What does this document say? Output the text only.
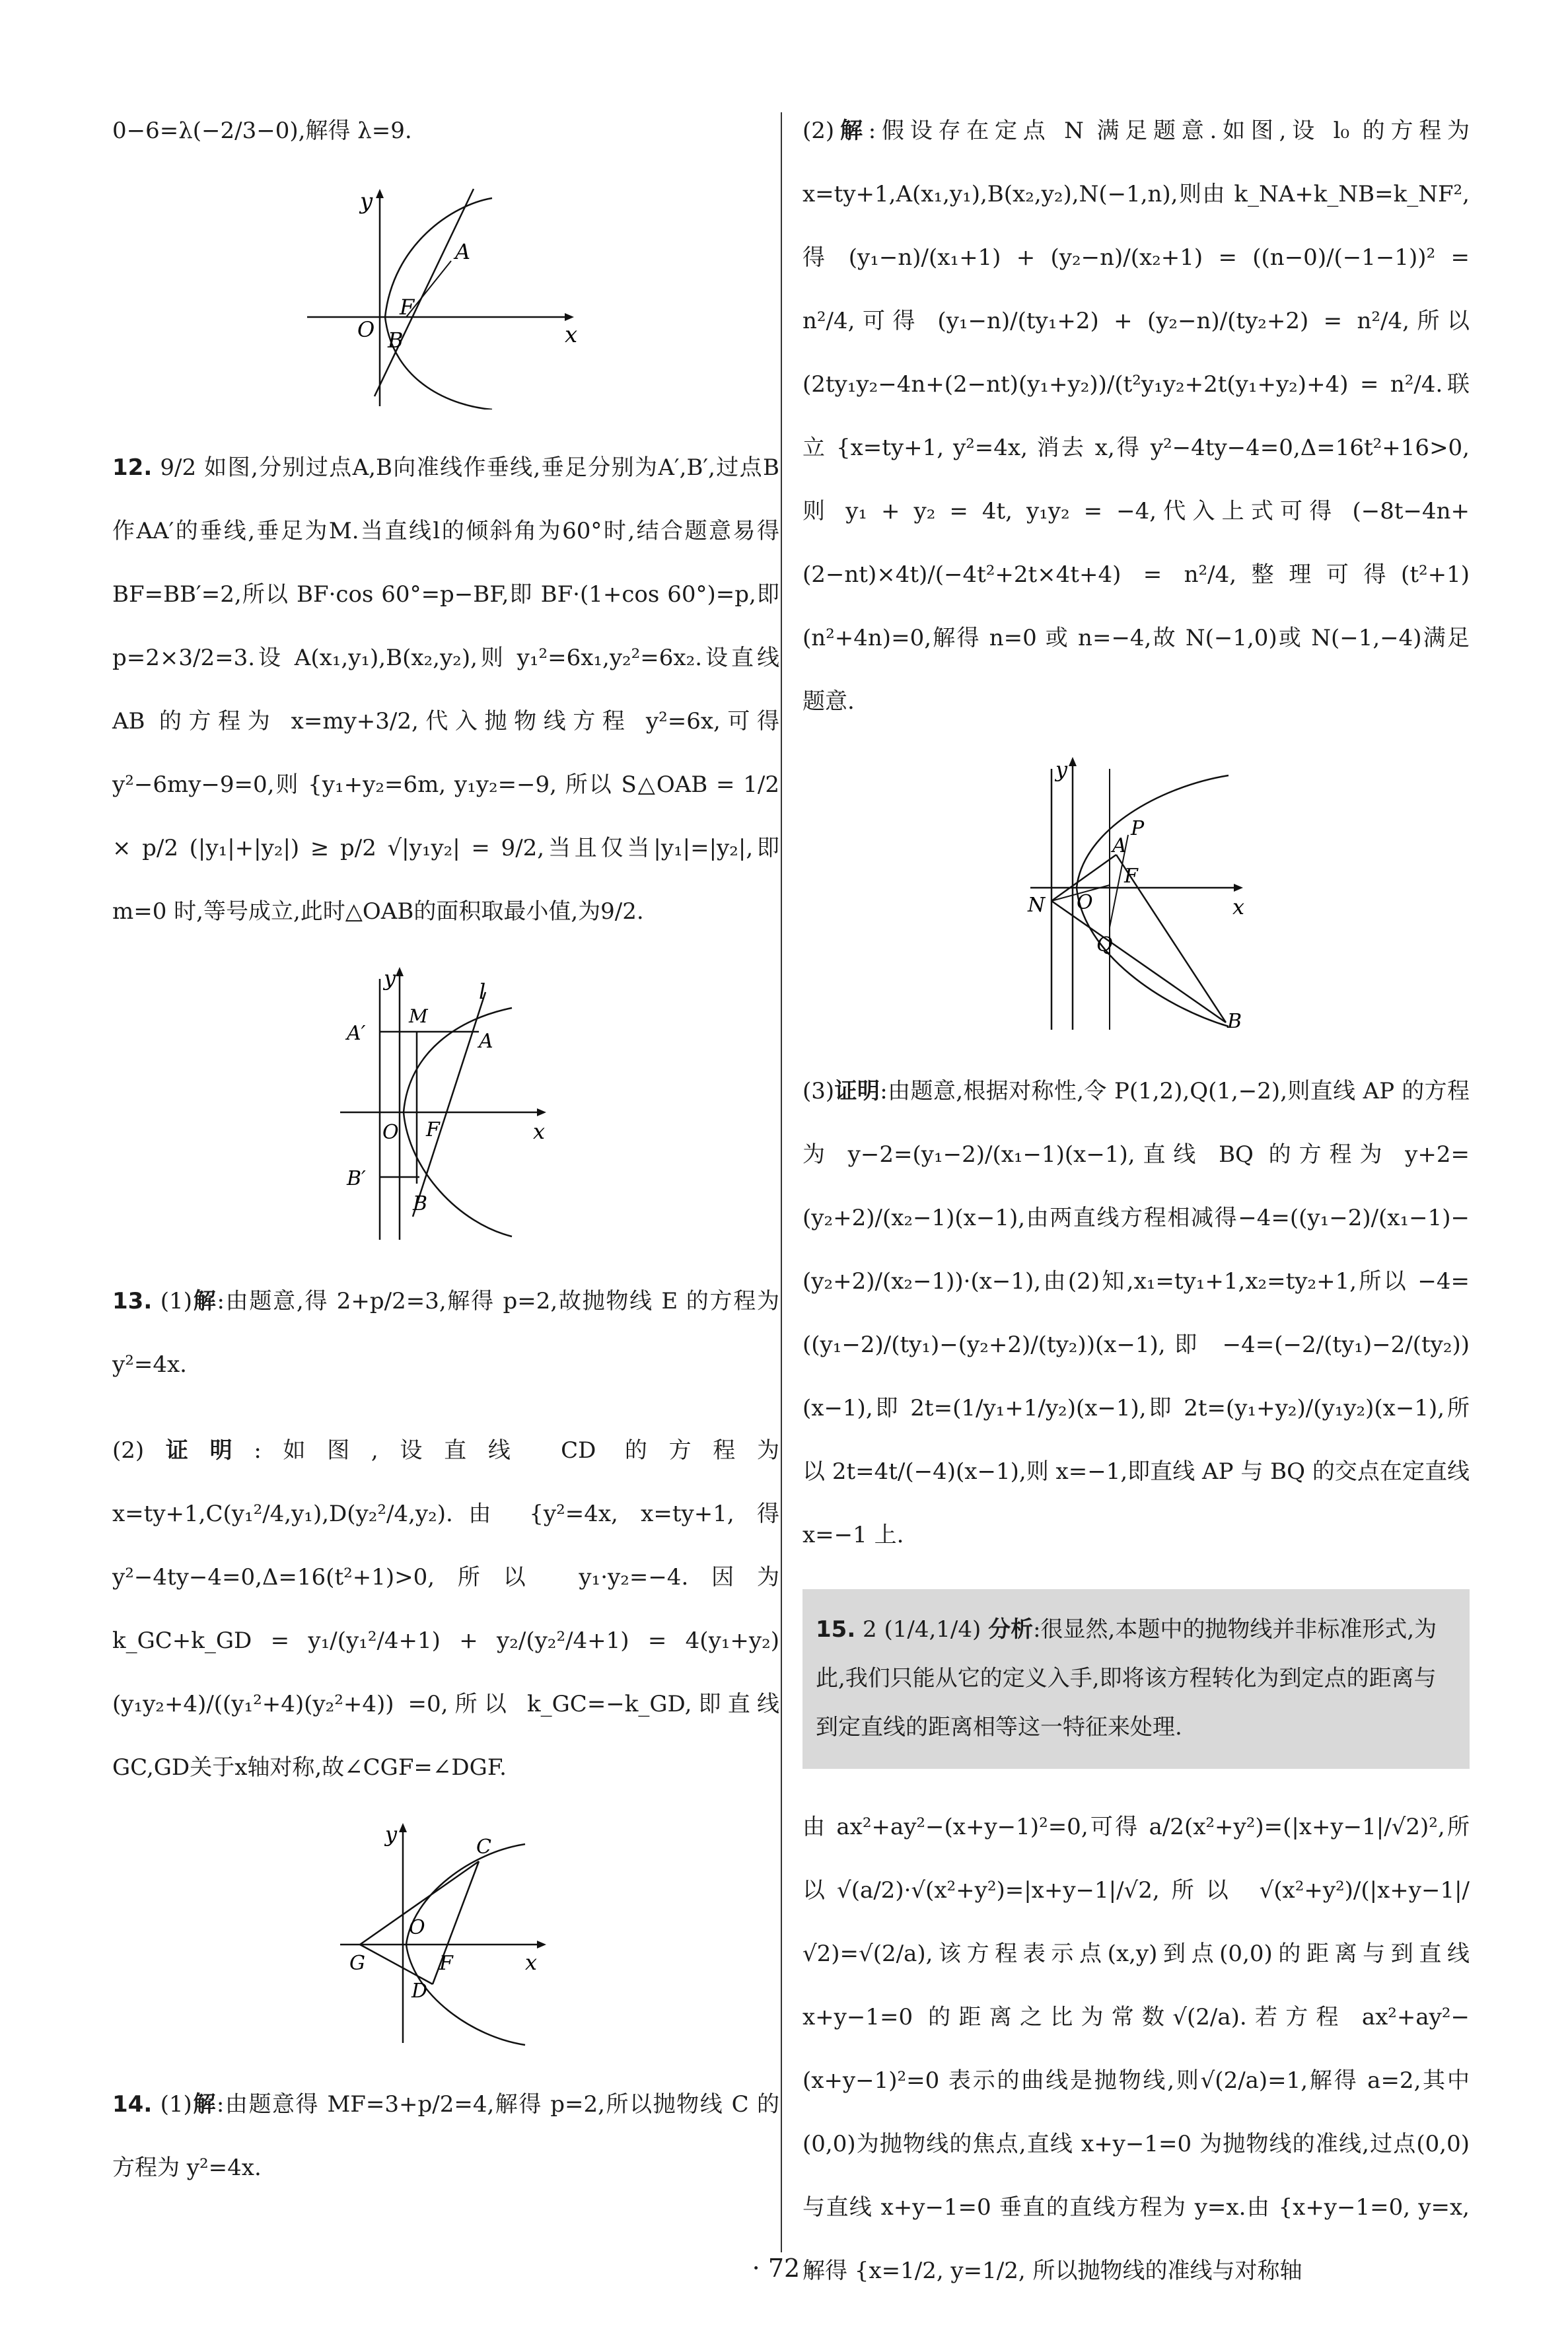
0−6=λ(−2/3−0),解得 λ=9.

y
x
O
A
B
F

12. 9/2 如图,分别过点A,B向准线作垂线,垂足分别为A′,B′,过点B作AA′的垂线,垂足为M.当直线l的倾斜角为60°时,结合题意易得 BF=BB′=2,所以 BF·cos 60°=p−BF,即 BF·(1+cos 60°)=p,即 p=2×3/2=3.设 A(x₁,y₁),B(x₂,y₂),则 y₁²=6x₁,y₂²=6x₂.设直线 AB 的方程为 x=my+3/2,代入抛物线方程 y²=6x,可得 y²−6my−9=0,则 {y₁+y₂=6m, y₁y₂=−9, 所以 S△OAB = 1/2 × p/2 (|y₁|+|y₂|) ≥ p/2 √|y₁y₂| = 9/2,当且仅当|y₁|=|y₂|,即 m=0 时,等号成立,此时△OAB的面积取最小值,为9/2.

y
x
l
M
A
A′
B′
O F
B

13. (1)解:由题意,得 2+p/2=3,解得 p=2,故抛物线 E 的方程为 y²=4x.

(2)证明:如图,设直线 CD 的方程为 x=ty+1,C(y₁²/4,y₁),D(y₂²/4,y₂).由 {y²=4x, x=ty+1, 得 y²−4ty−4=0,Δ=16(t²+1)>0,所以 y₁·y₂=−4.因为 k_GC+k_GD = y₁/(y₁²/4+1) + y₂/(y₂²/4+1) = 4(y₁+y₂)(y₁y₂+4)/((y₁²+4)(y₂²+4)) =0,所以 k_GC=−k_GD,即直线GC,GD关于x轴对称,故∠CGF=∠DGF.

y
x
C
O
G	F
D

14. (1)解:由题意得 MF=3+p/2=4,解得 p=2,所以抛物线 C 的方程为 y²=4x.

(2)解:假设存在定点 N 满足题意.如图,设 l₀ 的方程为 x=ty+1,A(x₁,y₁),B(x₂,y₂),N(−1,n),则由 k_NA+k_NB=k_NF²,得 (y₁−n)/(x₁+1) + (y₂−n)/(x₂+1) = ((n−0)/(−1−1))² = n²/4,可得 (y₁−n)/(ty₁+2) + (y₂−n)/(ty₂+2) = n²/4,所以 (2ty₁y₂−4n+(2−nt)(y₁+y₂))/(t²y₁y₂+2t(y₁+y₂)+4) = n²/4.联立 {x=ty+1, y²=4x, 消去 x,得 y²−4ty−4=0,Δ=16t²+16>0,则 y₁ + y₂ = 4t, y₁y₂ = −4,代入上式可得 (−8t−4n+(2−nt)×4t)/(−4t²+2t×4t+4) = n²/4,整理可得(t²+1)(n²+4n)=0,解得 n=0 或 n=−4,故 N(−1,0)或 N(−1,−4)满足题意.

y
x
P
A
F
N O
Q
B

(3)证明:由题意,根据对称性,令 P(1,2),Q(1,−2),则直线 AP 的方程为 y−2=(y₁−2)/(x₁−1)(x−1),直线 BQ 的方程为 y+2=(y₂+2)/(x₂−1)(x−1),由两直线方程相减得−4=((y₁−2)/(x₁−1)−(y₂+2)/(x₂−1))·(x−1),由(2)知,x₁=ty₁+1,x₂=ty₂+1,所以 −4=((y₁−2)/(ty₁)−(y₂+2)/(ty₂))(x−1),即 −4=(−2/(ty₁)−2/(ty₂))(x−1),即 2t=(1/y₁+1/y₂)(x−1),即 2t=(y₁+y₂)/(y₁y₂)(x−1),所以 2t=4t/(−4)(x−1),则 x=−1,即直线 AP 与 BQ 的交点在定直线 x=−1 上.

15. 2 (1/4,1/4) 分析:很显然,本题中的抛物线并非标准形式,为此,我们只能从它的定义入手,即将该方程转化为到定点的距离与到定直线的距离相等这一特征来处理.

由 ax²+ay²−(x+y−1)²=0,可得 a/2(x²+y²)=(|x+y−1|/√2)²,所以√(a/2)·√(x²+y²)=|x+y−1|/√2,所以 √(x²+y²)/(|x+y−1|/√2)=√(2/a),该方程表示点(x,y)到点(0,0)的距离与到直线 x+y−1=0 的距离之比为常数√(2/a).若方程 ax²+ay²−(x+y−1)²=0 表示的曲线是抛物线,则√(2/a)=1,解得 a=2,其中(0,0)为抛物线的焦点,直线 x+y−1=0 为抛物线的准线,过点(0,0)与直线 x+y−1=0 垂直的直线方程为 y=x.由 {x+y−1=0, y=x, 解得 {x=1/2, y=1/2, 所以抛物线的准线与对称轴

· 72 ·
